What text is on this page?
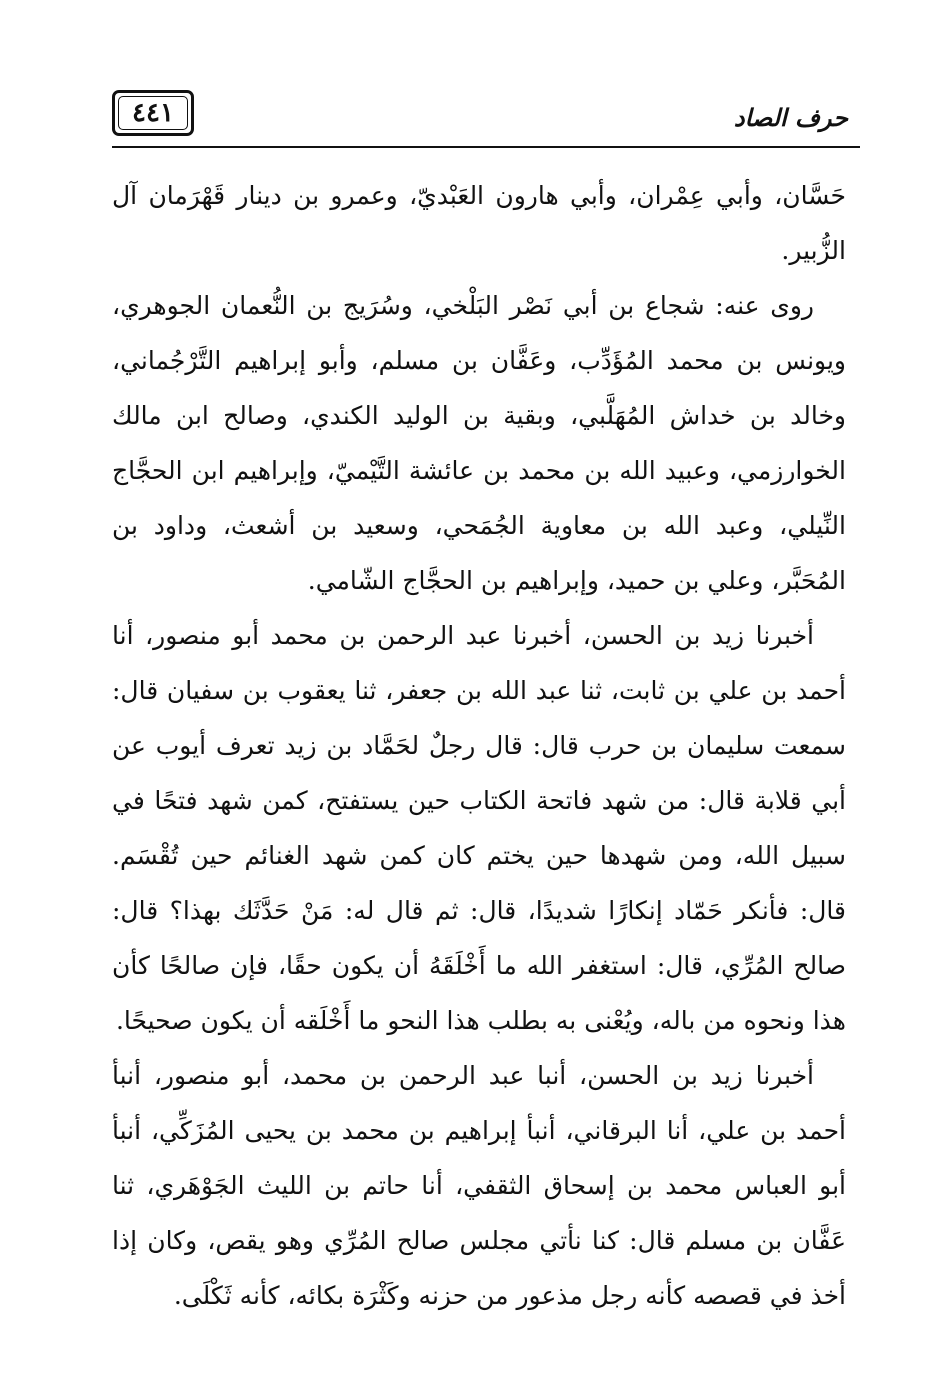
٤٤١	حرف الصاد

حَسَّان، وأبي عِمْران، وأبي هارون العَبْديّ، وعمرو بن دينار قَهْرَمان آل الزُّبير.

روى عنه: شجاع بن أبي نَصْر البَلْخي، وسُرَيج بن النُّعمان الجوهري، ويونس بن محمد المُؤَدِّب، وعَفَّان بن مسلم، وأبو إبراهيم التَّرْجُماني، وخالد بن خداش المُهَلَّبي، وبقية بن الوليد الكندي، وصالح ابن مالك الخوارزمي، وعبيد الله بن محمد بن عائشة التَّيْميّ، وإبراهيم ابن الحجَّاج النِّيلي، وعبد الله بن معاوية الجُمَحي، وسعيد بن أشعث، وداود بن المُحَبَّر، وعلي بن حميد، وإبراهيم بن الحجَّاج الشّامي.

أخبرنا زيد بن الحسن، أخبرنا عبد الرحمن بن محمد أبو منصور، أنا أحمد بن علي بن ثابت، ثنا عبد الله بن جعفر، ثنا يعقوب بن سفيان قال: سمعت سليمان بن حرب قال: قال رجلٌ لحَمَّاد بن زيد تعرف أيوب عن أبي قلابة قال: من شهد فاتحة الكتاب حين يستفتح، كمن شهد فتحًا في سبيل الله، ومن شهدها حين يختم كان كمن شهد الغنائم حين تُقْسَم. قال: فأنكر حَمّاد إنكارًا شديدًا، قال: ثم قال له: مَنْ حَدَّثَك بهذا؟ قال: صالح المُرِّي، قال: استغفر الله ما أَخْلَقَهُ أن يكون حقًا، فإن صالحًا كأن هذا ونحوه من باله، ويُعْنى به بطلب هذا النحو ما أَخْلَقه أن يكون صحيحًا.

أخبرنا زيد بن الحسن، أنبا عبد الرحمن بن محمد، أبو منصور، أنبأ أحمد بن علي، أنا البرقاني، أنبأ إبراهيم بن محمد بن يحيى المُزَكِّي، أنبأ أبو العباس محمد بن إسحاق الثقفي، أنا حاتم بن الليث الجَوْهَري، ثنا عَفَّان بن مسلم قال: كنا نأتي مجلس صالح المُرِّي وهو يقص، وكان إذا أخذ في قصصه كأنه رجل مذعور من حزنه وكَثْرَة بكائه، كأنه ثَكْلَى.
